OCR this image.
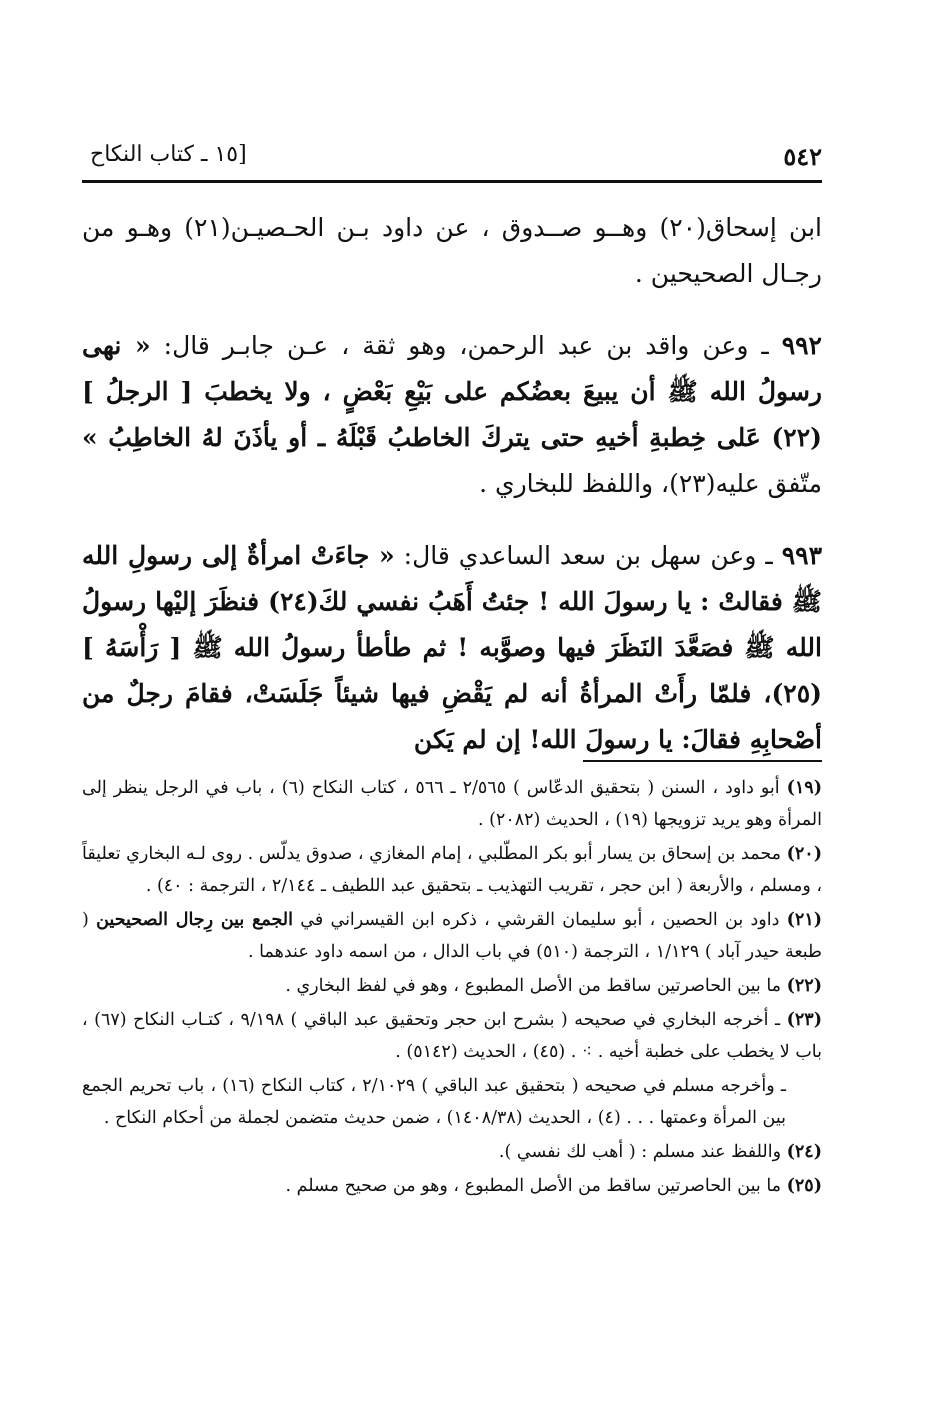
٥٤٢
[١٥ ـ كتاب النكاح

ابن إسحاق(٢٠) وهــو صــدوق ، عن داود بـن الحـصيـن(٢١) وهـو من رجـال الصحيحين .

٩٩٢ ـ وعن واقد بن عبد الرحمن، وهو ثقة ، عـن جابـر قال: « نهى رسولُ الله ﷺ أن يبيعَ بعضُكم على بَيْعِ بَعْضٍ ، ولا يخطبَ [ الرجلُ ](٢٢) عَلى خِطبةِ أخيهِ حتى يتركَ الخاطبُ قَبْلَهُ ـ أو يأذَنَ لهُ الخاطِبُ » متّفق عليه(٢٣)، واللفظ للبخاري .

٩٩٣ ـ وعن سهل بن سعد الساعدي قال: « جاءَتْ امرأةٌ إلى رسولِ الله ﷺ فقالتْ : يا رسولَ الله ! جئتُ أَهَبُ نفسي لكَ(٢٤) فنظَرَ إليْها رسولُ الله ﷺ فصَعَّدَ النَظَرَ فيها وصوَّبه ! ثم طأطأ رسولُ الله ﷺ [ رَأْسَهُ ](٢٥)، فلمّا رأَتْ المرأةُ أنه لم يَقْضِ فيها شيئاً جَلَسَتْ، فقامَ رجلٌ من أصْحابِهِ فقالَ: يا رسولَ الله! إن لم يَكن

(١٩) أبو داود ، السنن ( بتحقيق الدعّاس ) ٢/٥٦٥ ـ ٥٦٦ ، كتاب النكاح (٦) ، باب في الرجل ينظر إلى المرأة وهو يريد تزويجها (١٩) ، الحديث (٢٠٨٢) .
(٢٠) محمد بن إسحاق بن يسار أبو بكر المطّلبي ، إمام المغازي ، صدوق يدلّس . روى لـه البخاري تعليقاً ، ومسلم ، والأربعة ( ابن حجر ، تقريب التهذيب ـ بتحقيق عبد اللطيف ـ ٢/١٤٤ ، الترجمة : ٤٠) .
(٢١) داود بن الحصين ، أبو سليمان القرشي ، ذكره ابن القيسراني في الجمع بين رِجال الصحيحين ( طبعة حيدر آباد ) ١/١٢٩ ، الترجمة (٥١٠) في باب الدال ، من اسمه داود عندهما .
(٢٢) ما بين الحاصرتين ساقط من الأصل المطبوع ، وهو في لفظ البخاري .
(٢٣) ـ أخرجه البخاري في صحيحه ( بشرح ابن حجر وتحقيق عبد الباقي ) ٩/١٩٨ ، كتـاب النكاح (٦٧) ، باب لا يخطب على خطبة أخيه . ⁖ . (٤٥) ، الحديث (٥١٤٢) .
ـ وأخرجه مسلم في صحيحه ( بتحقيق عبد الباقي ) ٢/١٠٢٩ ، كتاب النكاح (١٦) ، باب تحريم الجمع بين المرأة وعمتها . . . (٤) ، الحديث (١٤٠٨/٣٨) ، ضمن حديث متضمن لجملة من أحكام النكاح .
(٢٤) واللفظ عند مسلم : ( أهب لك نفسي ).
(٢٥) ما بين الحاصرتين ساقط من الأصل المطبوع ، وهو من صحيح مسلم .
